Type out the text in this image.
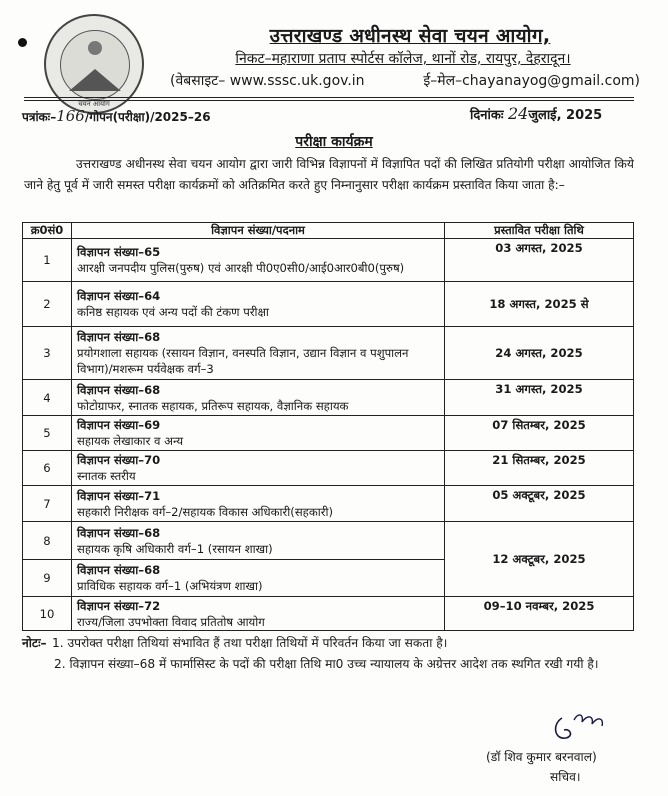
चयन आयोग
उत्तराखण्ड अधीनस्थ सेवा चयन आयोग,
निकट–महाराणा प्रताप स्पोर्टस कॉलेज, थानों रोड, रायपुर, देहरादून।
(वेबसाइट– www.sssc.uk.gov.in	ई–मेल–chayanayog@gmail.com)
पत्रांकः–166/गोपन(परीक्षा)/2025–26	दिनांकः 24जुलाई, 2025
परीक्षा कार्यक्रम
उत्तराखण्ड अधीनस्थ सेवा चयन आयोग द्वारा जारी विभिन्न विज्ञापनों में विज्ञापित पदों की लिखित प्रतियोगी परीक्षा आयोजित किये जाने हेतु पूर्व में जारी समस्त परीक्षा कार्यक्रमों को अतिक्रमित करते हुए निम्नानुसार परीक्षा कार्यक्रम प्रस्तावित किया जाता है:–
क्र0सं0	विज्ञापन संख्या/पदनाम	प्रस्तावित परीक्षा तिथि
1	विज्ञापन संख्या–65
आरक्षी जनपदीय पुलिस(पुरुष) एवं आरक्षी पी0ए0सी0/आई0आर0बी0(पुरुष)	03 अगस्त, 2025
2	विज्ञापन संख्या–64
कनिष्ठ सहायक एवं अन्य पदों की टंकण परीक्षा	18 अगस्त, 2025 से
3	विज्ञापन संख्या–68
प्रयोगशाला सहायक (रसायन विज्ञान, वनस्पति विज्ञान, उद्यान विज्ञान व पशुपालन विभाग)/मशरूम पर्यवेक्षक वर्ग–3	24 अगस्त, 2025
4	विज्ञापन संख्या–68
फोटोग्राफर, स्नातक सहायक, प्रतिरूप सहायक, वैज्ञानिक सहायक	31 अगस्त, 2025
5	विज्ञापन संख्या–69
सहायक लेखाकार व अन्य	07 सितम्बर, 2025
6	विज्ञापन संख्या–70
स्नातक स्तरीय	21 सितम्बर, 2025
7	विज्ञापन संख्या–71
सहकारी निरीक्षक वर्ग–2/सहायक विकास अधिकारी(सहकारी)	05 अक्टूबर, 2025
8	विज्ञापन संख्या–68
सहायक कृषि अधिकारी वर्ग–1 (रसायन शाखा)	12 अक्टूबर, 2025
9	विज्ञापन संख्या–68
प्राविधिक सहायक वर्ग–1 (अभियंत्रण शाखा)	

10	विज्ञापन संख्या–72
राज्य/जिला उपभोक्ता विवाद प्रतितोष आयोग	09–10 नवम्बर, 2025
नोटः– 1. उपरोक्त परीक्षा तिथियां संभावित हैं तथा परीक्षा तिथियों में परिवर्तन किया जा सकता है।
2. विज्ञापन संख्या–68 में फार्मासिस्ट के पदों की परीक्षा तिथि मा0 उच्च न्यायालय के अग्रेत्तर आदेश तक स्थगित रखी गयी है।
(डॉ शिव कुमार बरनवाल)
सचिव।
